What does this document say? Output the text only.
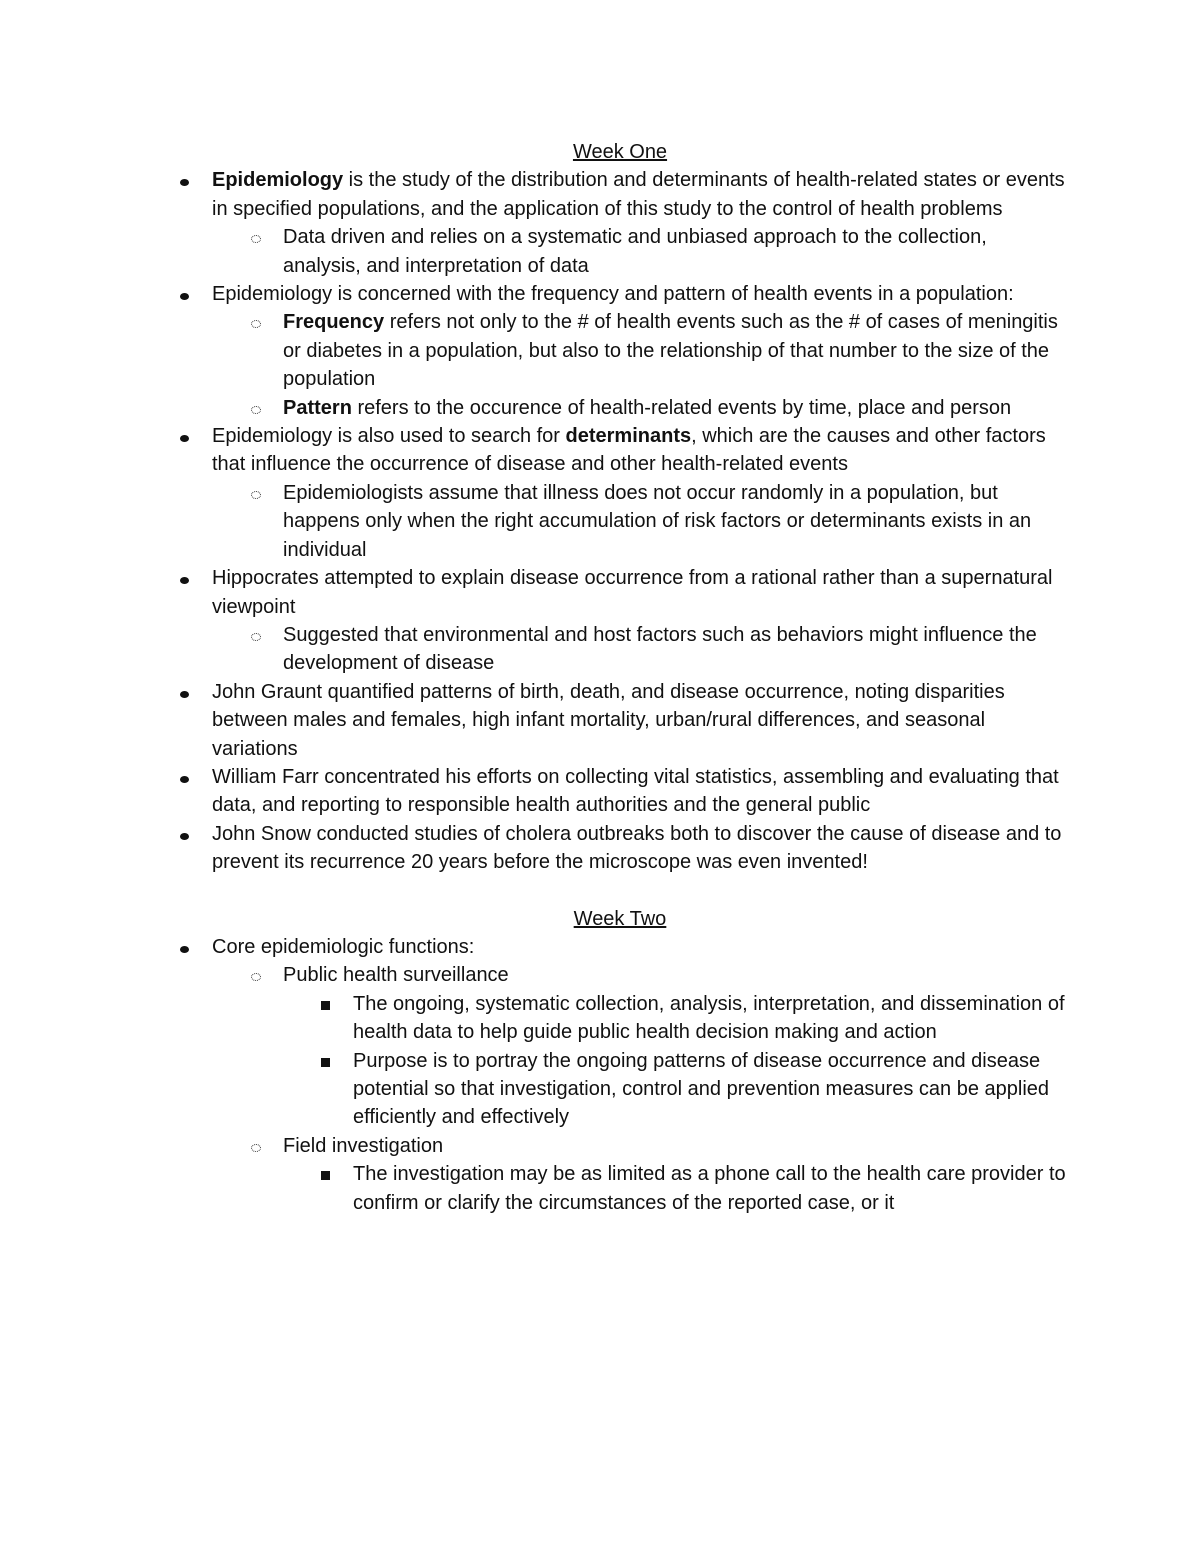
Week One
Epidemiology is the study of the distribution and determinants of health-related states or events in specified populations, and the application of this study to the control of health problems
Data driven and relies on a systematic and unbiased approach to the collection, analysis, and interpretation of data
Epidemiology is concerned with the frequency and pattern of health events in a population:
Frequency refers not only to the # of health events such as the # of cases of meningitis or diabetes in a population, but also to the relationship of that number to the size of the population
Pattern refers to the occurence of health-related events by time, place and person
Epidemiology is also used to search for determinants, which are the causes and other factors that influence the occurrence of disease and other health-related events
Epidemiologists assume that illness does not occur randomly in a population, but happens only when the right accumulation of risk factors or determinants exists in an individual
Hippocrates attempted to explain disease occurrence from a rational rather than a supernatural viewpoint
Suggested that environmental and host factors such as behaviors might influence the development of disease
John Graunt quantified patterns of birth, death, and disease occurrence, noting disparities between males and females, high infant mortality, urban/rural differences, and seasonal variations
William Farr concentrated his efforts on collecting vital statistics, assembling and evaluating that data, and reporting to responsible health authorities and the general public
John Snow conducted studies of cholera outbreaks both to discover the cause of disease and to prevent its recurrence 20 years before the microscope was even invented!
Week Two
Core epidemiologic functions:
Public health surveillance
The ongoing, systematic collection, analysis, interpretation, and dissemination of health data to help guide public health decision making and action
Purpose is to portray the ongoing patterns of disease occurrence and disease potential so that investigation, control and prevention measures can be applied efficiently and effectively
Field investigation
The investigation may be as limited as a phone call to the health care provider to confirm or clarify the circumstances of the reported case, or it
